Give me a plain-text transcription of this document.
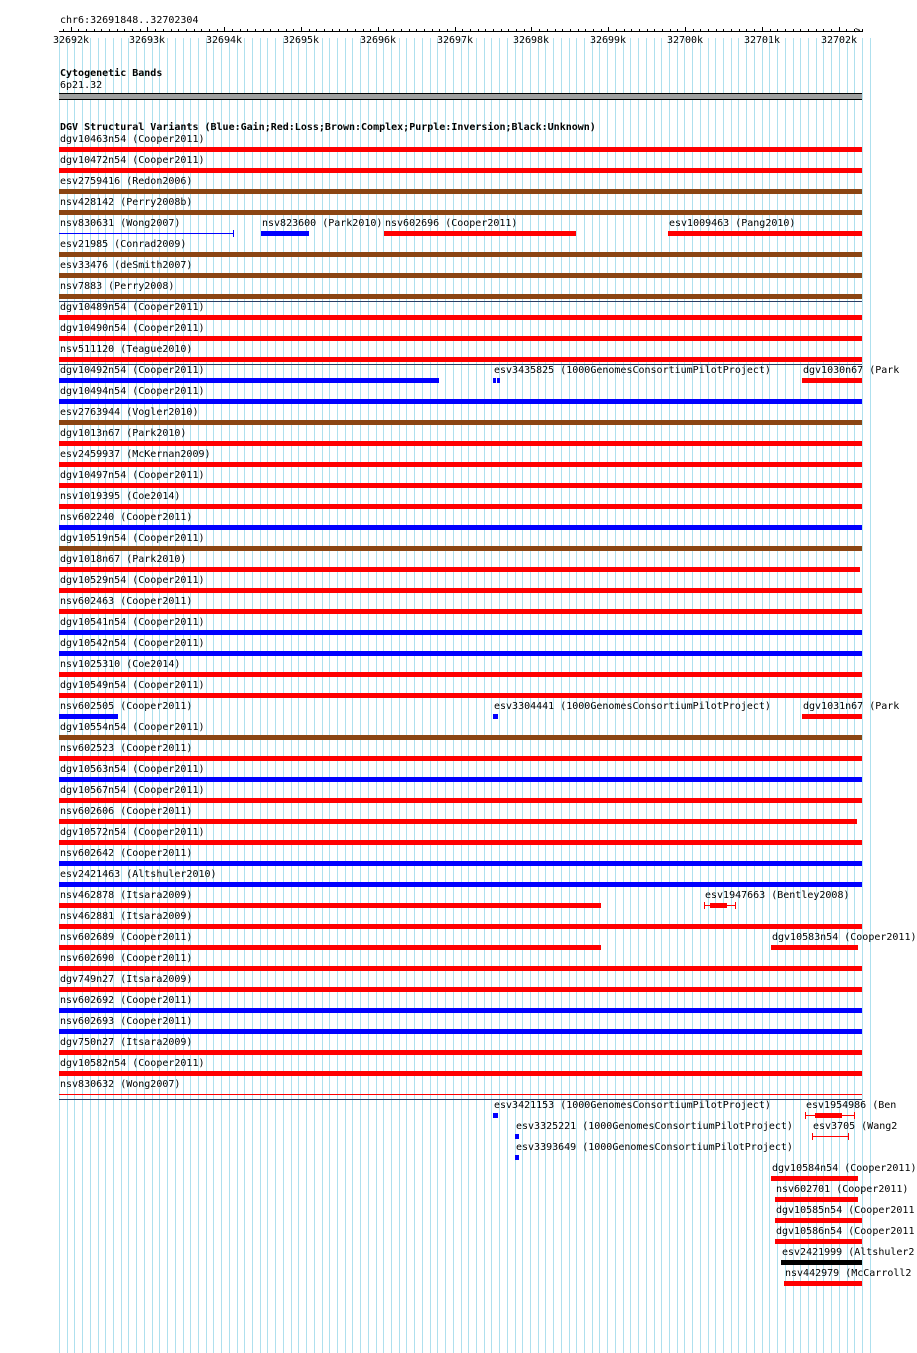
chr6:32691848..32702304
>
32692k	32693k	32694k	32695k	32696k	32697k	32698k	32699k	32700k	32701k	32702k
Cytogenetic Bands
6p21.32
DGV Structural Variants (Blue:Gain;Red:Loss;Brown:Complex;Purple:Inversion;Black:Unknown)
dgv10463n54 (Cooper2011)
dgv10472n54 (Cooper2011)
esv2759416 (Redon2006)
nsv428142 (Perry2008b)
nsv830631 (Wong2007)	nsv823600 (Park2010) nsv602696 (Cooper2011)	esv1009463 (Pang2010)
esv21985 (Conrad2009)
esv33476 (deSmith2007)
nsv7883 (Perry2008)
dgv10489n54 (Cooper2011)
dgv10490n54 (Cooper2011)
nsv511120 (Teague2010)
dgv10492n54 (Cooper2011)	esv3435825 (1000GenomesConsortiumPilotProject)	dgv1030n67 (Park
dgv10494n54 (Cooper2011)
esv2763944 (Vogler2010)
dgv1013n67 (Park2010)
esv2459937 (McKernan2009)
dgv10497n54 (Cooper2011)
nsv1019395 (Coe2014)
nsv602240 (Cooper2011)
dgv10519n54 (Cooper2011)
dgv1018n67 (Park2010)
dgv10529n54 (Cooper2011)
nsv602463 (Cooper2011)
dgv10541n54 (Cooper2011)
dgv10542n54 (Cooper2011)
nsv1025310 (Coe2014)
dgv10549n54 (Cooper2011)
nsv602505 (Cooper2011)	esv3304441 (1000GenomesConsortiumPilotProject)	dgv1031n67 (Park
dgv10554n54 (Cooper2011)
nsv602523 (Cooper2011)
dgv10563n54 (Cooper2011)
dgv10567n54 (Cooper2011)
nsv602606 (Cooper2011)
dgv10572n54 (Cooper2011)
nsv602642 (Cooper2011)
esv2421463 (Altshuler2010)
nsv462878 (Itsara2009)	esv1947663 (Bentley2008)
nsv462881 (Itsara2009)
nsv602689 (Cooper2011)	dgv10583n54 (Cooper2011)
nsv602690 (Cooper2011)
dgv749n27 (Itsara2009)
nsv602692 (Cooper2011)
nsv602693 (Cooper2011)
dgv750n27 (Itsara2009)
dgv10582n54 (Cooper2011)
nsv830632 (Wong2007)
esv3421153 (1000GenomesConsortiumPilotProject)	esv1954986 (Ben
esv3325221 (1000GenomesConsortiumPilotProject) esv3705 (Wang2
esv3393649 (1000GenomesConsortiumPilotProject)
dgv10584n54 (Cooper2011)
nsv602701 (Cooper2011)
dgv10585n54 (Cooper2011
dgv10586n54 (Cooper2011
esv2421999 (Altshuler2
nsv442979 (McCarroll2
